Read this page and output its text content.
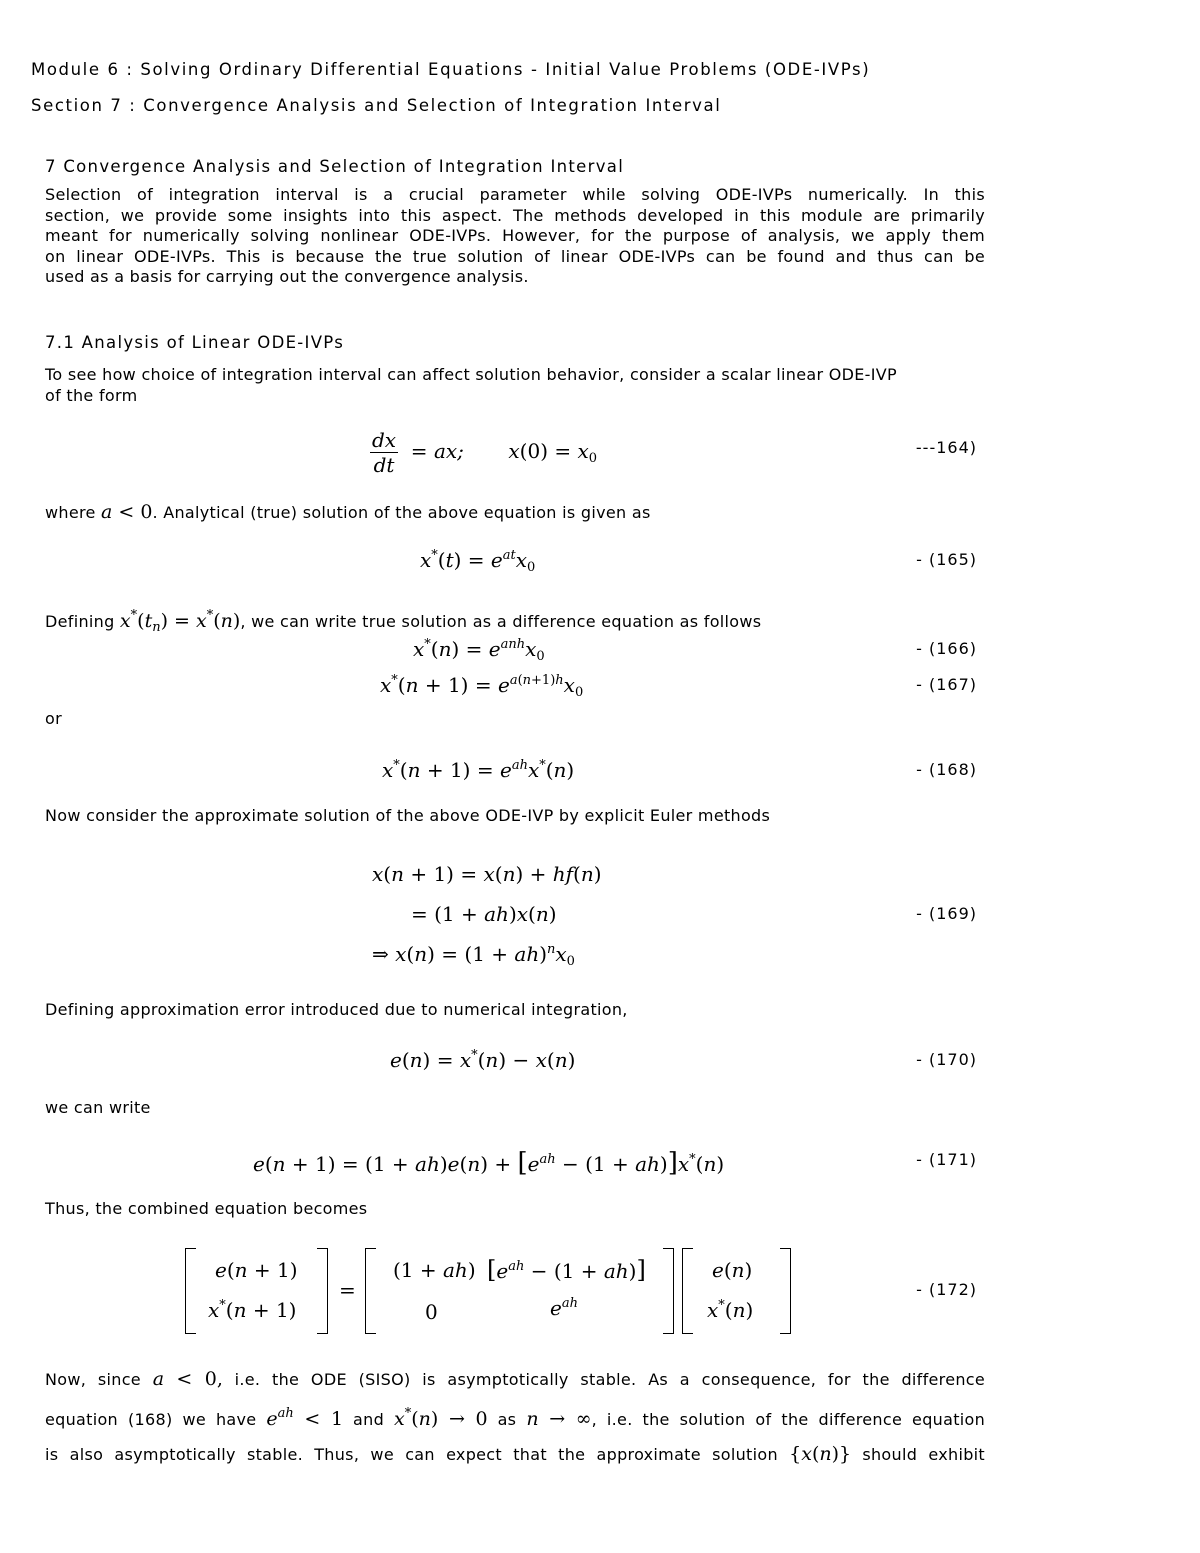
Module 6 : Solving Ordinary Differential Equations - Initial Value Problems (ODE-IVPs)
Section 7 : Convergence Analysis and Selection of Integration Interval
7 Convergence Analysis and Selection of Integration Interval
Selection of integration interval is a crucial parameter while solving ODE-IVPs numerically. In this
section, we provide some insights into this aspect. The methods developed in this module are primarily
meant for numerically solving nonlinear ODE-IVPs. However, for the purpose of analysis, we apply them
on linear ODE-IVPs. This is because the true solution of linear ODE-IVPs can be found and thus can be
used as a basis for carrying out the convergence analysis.
7.1 Analysis of Linear ODE-IVPs
To see how choice of integration interval can affect solution behavior, consider a scalar linear ODE-IVP
of the form
$\frac{dx}{dt}$ = ax;       $x(0) = x_0$
---164)
where a < 0. Analytical (true) solution of the above equation is given as
$x^*(t) = e^{at}x_0$	- (165)
Defining $x^*(t_n) = x^*(n)$, we can write true solution as a difference equation as follows
$x^*(n) = e^{anh}x_0$	- (166)
$x^*(n + 1) = e^{a(n+1)h}x_0$	- (167)
or
$x^*(n + 1) = e^{ah}x^*(n)$	- (168)
Now consider the approximate solution of the above ODE-IVP by explicit Euler methods
x(n + 1) = x(n) + hf(n)
= (1 + ah)x(n)
⇒ $x(n) = (1 + ah)^nx_0$
- (169)
Defining approximation error introduced due to numerical integration,
e(n) = x*(n) − x(n)	- (170)
we can write
$e(n + 1) = (1 + ah)e(n) + [e^{ah} - (1 + ah)]x^*(n)$	- (171)
Thus, the combined equation becomes
e(n + 1)
x*(n + 1)
=
(1 + ah) $[e^{ah} - (1 + ah)]$
0	$e^{ah}$
e(n)
x*(n)
- (172)
Now, since a < 0, i.e. the ODE (SISO) is asymptotically stable. As a consequence, for the difference
equation (168) we have $e^{ah} < 1$ and x*(n) → 0 as n → ∞, i.e. the solution of the difference equation
is also asymptotically stable. Thus, we can expect that the approximate solution {x(n)} should exhibit
